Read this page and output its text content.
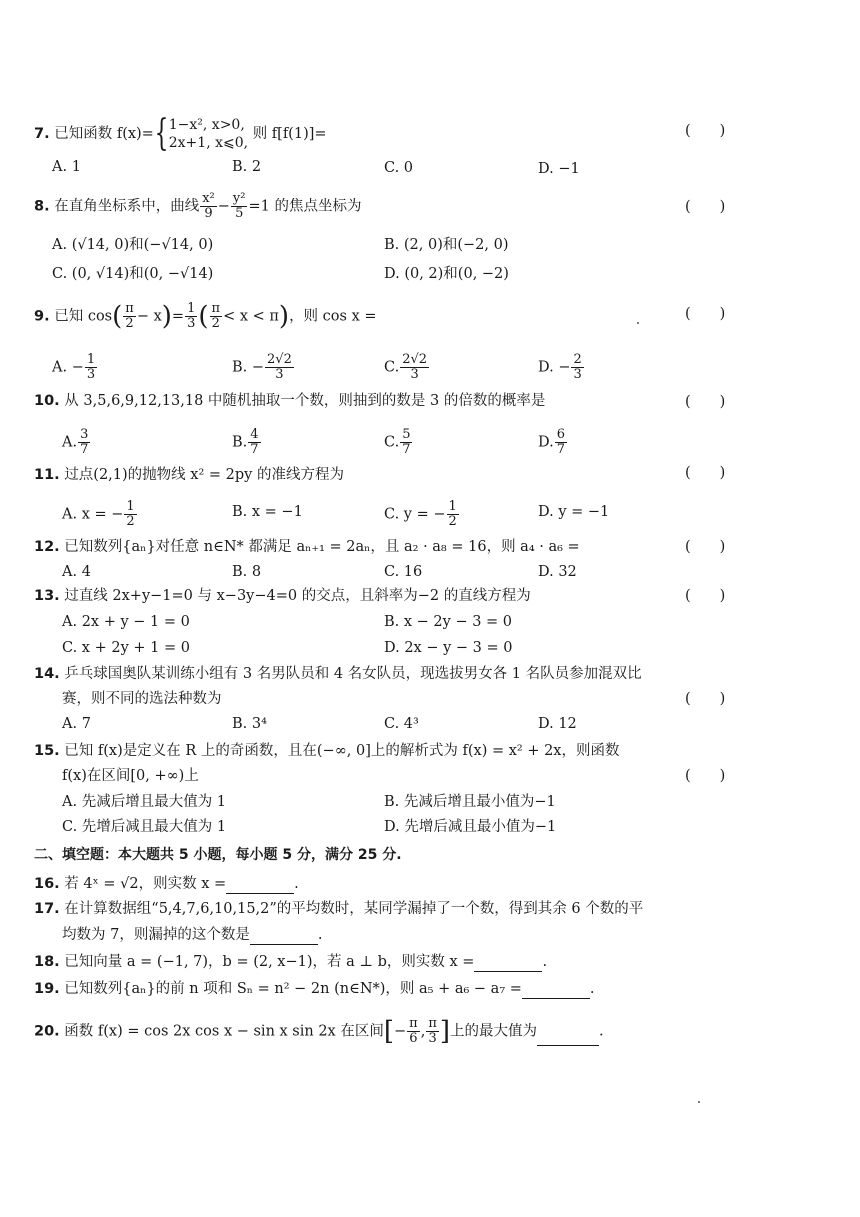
7. 已知函数 f(x)={ 1−x², x>0,
2x+1, x⩽0,
则 f[f(1)]=	(　　)
A. 1	B. 2	C. 0	D. −1
8. 在直角坐标系中，曲线 $\frac{\text{x²}}{9} - \frac{\text{y²}}{5} =1$ 的焦点坐标为	(　　)
A. (√14, 0)和(−√14, 0)	B. (2, 0)和(−2, 0)
C. (0, √14)和(0, −√14)	D. (0, 2)和(0, −2)
9. 已知 $\cos( \frac{\pi}{2} - x)= \frac{1}{3}$ ( $\frac{\pi}{2} < x < \pi$)，则 cos x =	(　　)
A. − $\frac{1}{3}$	B. − $\frac{2√2}{3}$	C. $\frac{2√2}{3}$	D. − $\frac{2}{3}$
10. 从 3,5,6,9,12,13,18 中随机抽取一个数，则抽到的数是 3 的倍数的概率是	(　　)
A. $\frac{3}{7}$	B. $\frac{4}{7}$	C. $\frac{5}{7}$	D. $\frac{6}{7}$
11. 过点(2,1)的抛物线 x² = 2py 的准线方程为	(　　)
A. x = − $\frac{1}{2}$	B. x = −1	C. y = − $\frac{1}{2}$	D. y = −1
12. 已知数列{aₙ}对任意 n∈N* 都满足 aₙ₊₁ = 2aₙ，且 a₂ · a₈ = 16，则 a₄ · a₆ =	(　　)
A. 4	B. 8	C. 16	D. 32
13. 过直线 2x+y−1=0 与 x−3y−4=0 的交点，且斜率为−2 的直线方程为	(　　)
A. 2x + y − 1 = 0	B. x − 2y − 3 = 0
C. x + 2y + 1 = 0	D. 2x − y − 3 = 0
14. 乒乓球国奥队某训练小组有 3 名男队员和 4 名女队员，现选拔男女各 1 名队员参加混双比
赛，则不同的选法种数为	(　　)
A. 7	B. 3⁴	C. 4³	D. 12
15. 已知 f(x)是定义在 R 上的奇函数，且在(−∞, 0]上的解析式为 f(x) = x² + 2x，则函数
f(x)在区间[0, +∞)上	(　　)
A. 先减后增且最大值为 1	B. 先减后增且最小值为−1
C. 先增后减且最大值为 1	D. 先增后减且最小值为−1
二、填空题：本大题共 5 小题，每小题 5 分，满分 25 分.
16. 若 4ˣ = √2，则实数 x =	.
17. 在计算数据组“5,4,7,6,10,15,2”的平均数时，某同学漏掉了一个数，得到其余 6 个数的平
均数为 7，则漏掉的这个数是	.
18. 已知向量 a = (−1, 7)，b = (2, x−1)，若 a ⊥ b，则实数 x =	.
19. 已知数列{aₙ}的前 n 项和 Sₙ = n² − 2n (n∈N*)，则 a₅ + a₆ − a₇ =	.
20. 函数 f(x) = cos 2x cos x − sin x sin 2x 在区间[− $\frac{\pi}{6}$ , $\frac{\pi}{3}$ ]上的最大值为	.
